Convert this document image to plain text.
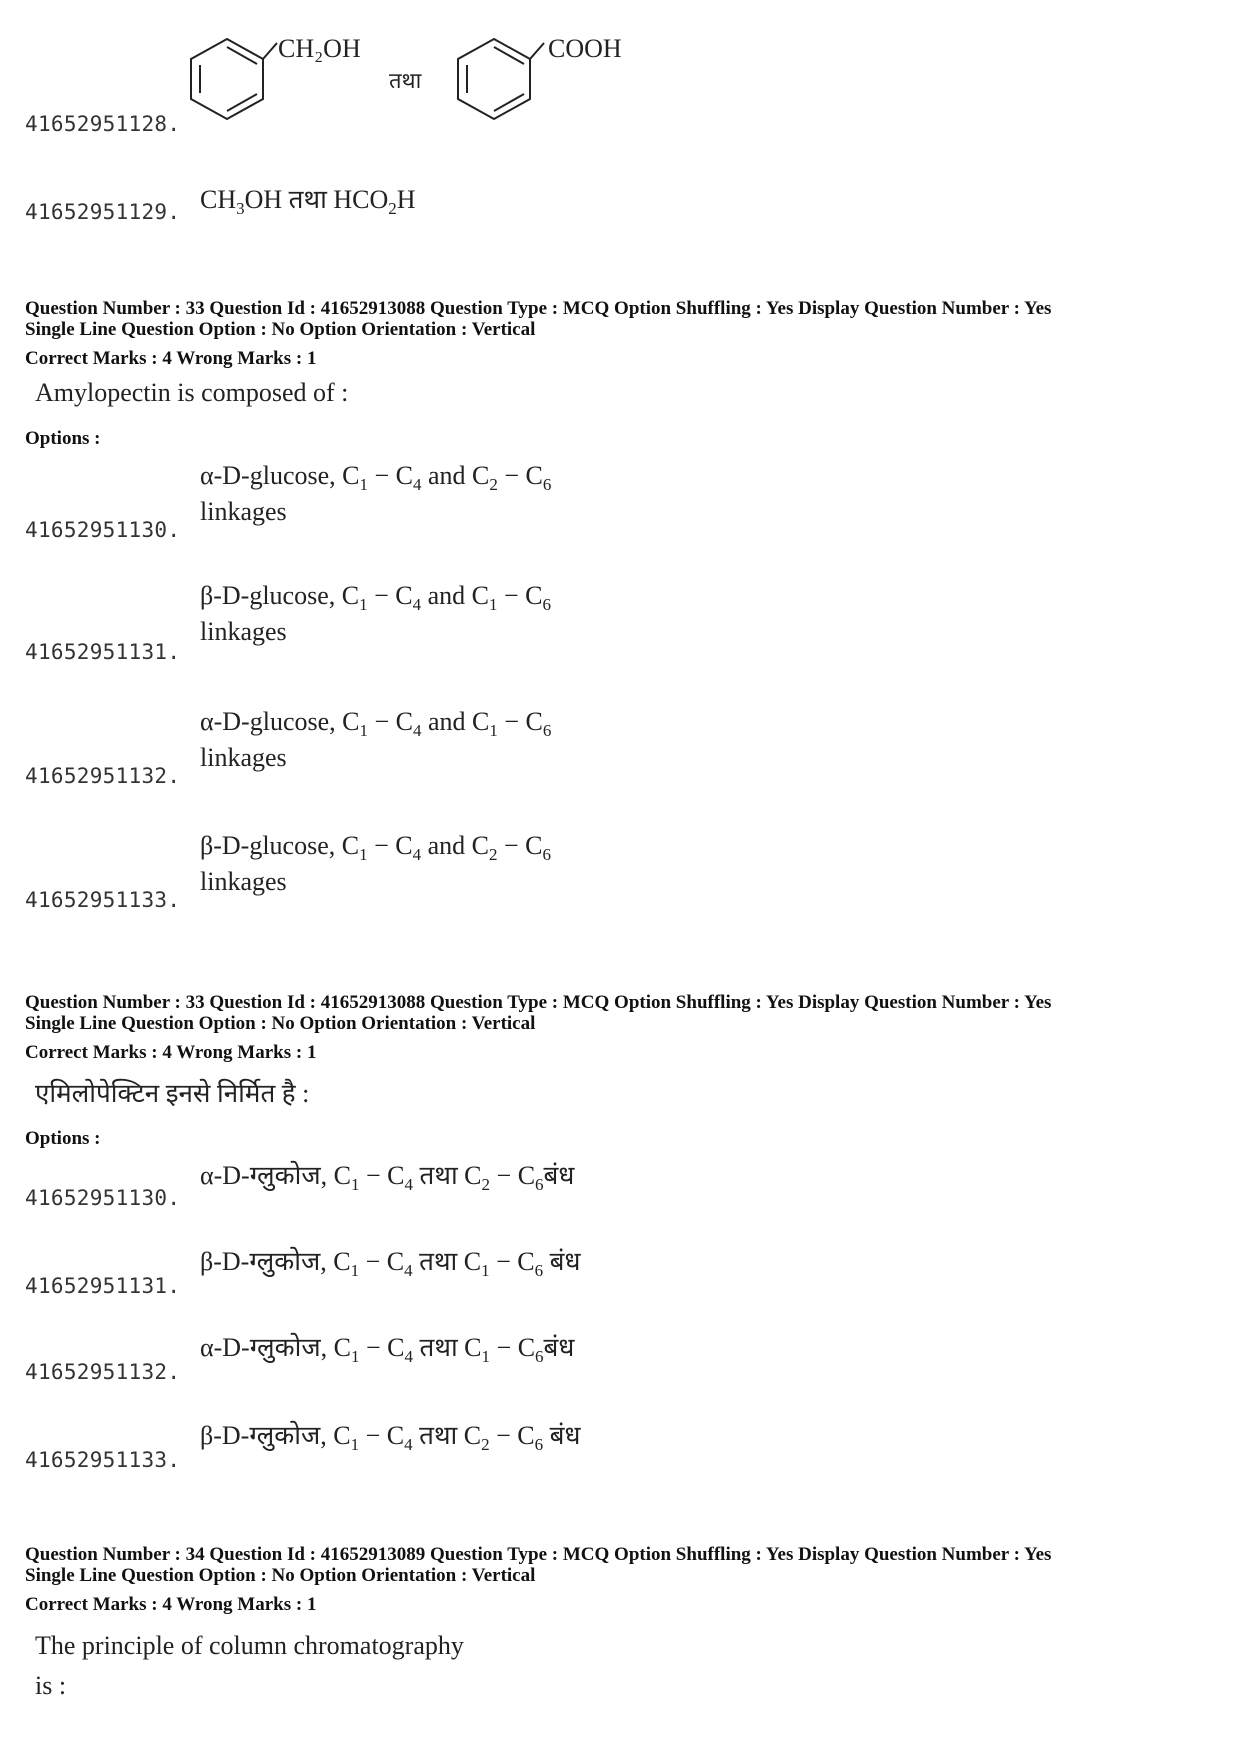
41652951128.
CH₂OH
तथा
COOH
41652951129. $CH_3OH$ तथा $HCO_2H$
Question Number : 33 Question Id : 41652913088 Question Type : MCQ Option Shuffling : Yes Display Question Number : Yes
Single Line Question Option : No Option Orientation : Vertical
Correct Marks : 4 Wrong Marks : 1
Amylopectin is composed of :
Options :
41652951130.
α-D-glucose, $C_1 - C_4$ and $C_2 - C_6$
linkages
41652951131.
β-D-glucose, $C_1 - C_4$ and $C_1 - C_6$
linkages
41652951132.
α-D-glucose, $C_1 - C_4$ and $C_1 - C_6$
linkages
41652951133.
β-D-glucose, $C_1 - C_4$ and $C_2 - C_6$
linkages
Question Number : 33 Question Id : 41652913088 Question Type : MCQ Option Shuffling : Yes Display Question Number : Yes
Single Line Question Option : No Option Orientation : Vertical
Correct Marks : 4 Wrong Marks : 1
एमिलोपेक्टिन इनसे निर्मित है :
Options :
41652951130.
α-D-ग्लुकोज, $C_1 - C_4$ तथा $C_2$ − $C_6बंध$
41652951131.
β-D-ग्लुकोज, $C_1 - C_4$ तथा $C_1 - C_6$ बंध
41652951132.
α-D-ग्लुकोज, $C_1 - C_4$ तथा $C_1$ − $C_6बंध$
41652951133.
β-D-ग्लुकोज, $C_1 - C_4$ तथा $C_2 - C_6$ बंध
Question Number : 34 Question Id : 41652913089 Question Type : MCQ Option Shuffling : Yes Display Question Number : Yes
Single Line Question Option : No Option Orientation : Vertical
Correct Marks : 4 Wrong Marks : 1
The principle of column chromatography
is :
